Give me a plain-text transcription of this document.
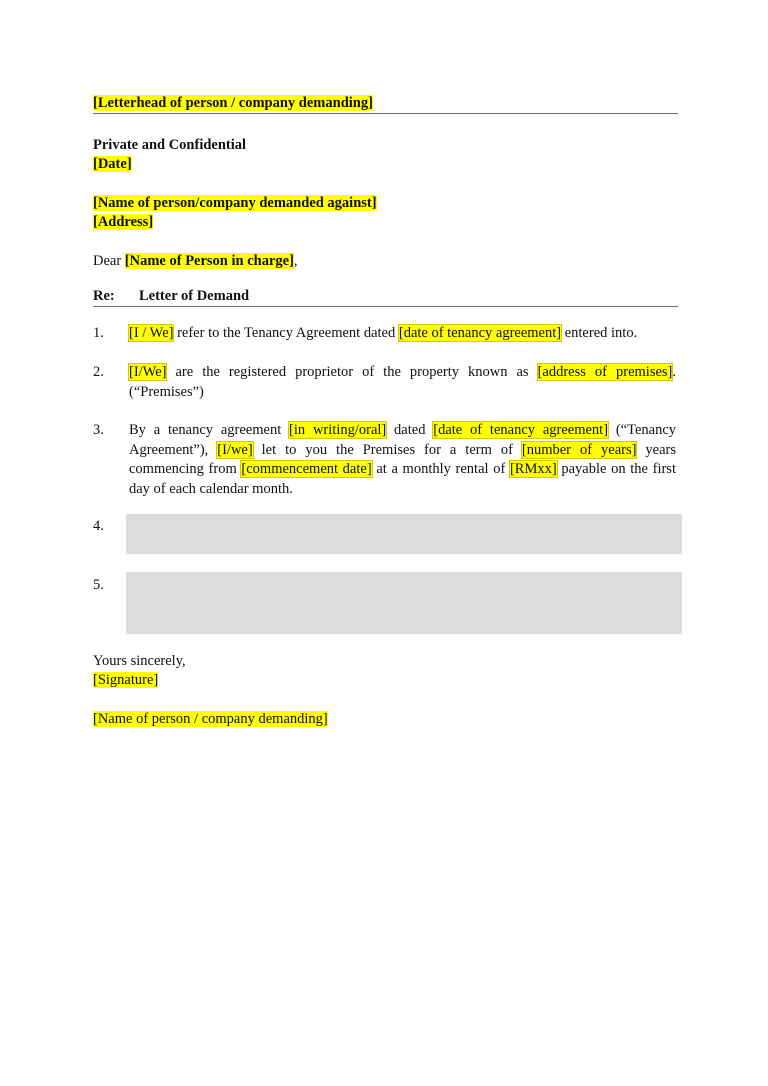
[Letterhead of person / company demanding]
Private and Confidential
[Date]
[Name of person/company demanded against]
[Address]
Dear [Name of Person in charge],
Re: Letter of Demand
1. [I / We] refer to the Tenancy Agreement dated [date of tenancy agreement] entered into.
2. [I/We] are the registered proprietor of the property known as [address of premises]. (“Premises”)
3. By a tenancy agreement [in writing/oral] dated [date of tenancy agreement] (“Tenancy Agreement”), [I/we] let to you the Premises for a term of [number of years] years commencing from [commencement date] at a monthly rental of [RMxx] payable on the first day of each calendar month.
4.
5.
Yours sincerely,
[Signature]
[Name of person / company demanding]
